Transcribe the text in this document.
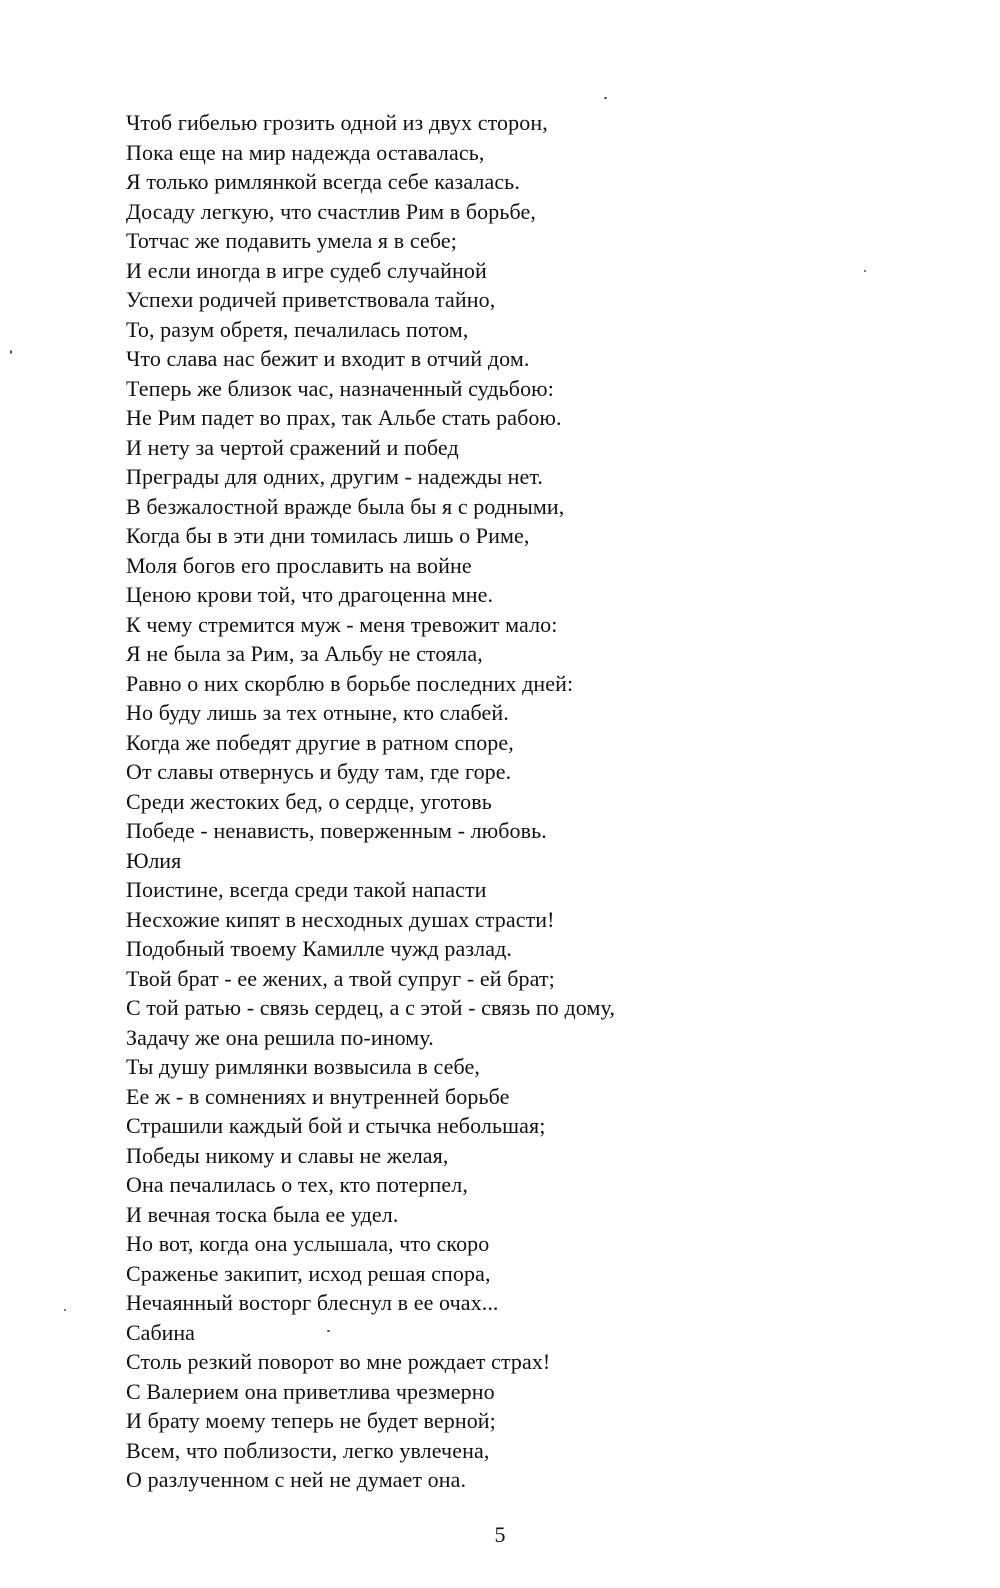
Чтоб гибелью грозить одной из двух сторон,
Пока еще на мир надежда оставалась,
Я только римлянкой всегда себе казалась.
Досаду легкую, что счастлив Рим в борьбе,
Тотчас же подавить умела я в себе;
И если иногда в игре судеб случайной
Успехи родичей приветствовала тайно,
То, разум обретя, печалилась потом,
Что слава нас бежит и входит в отчий дом.
Теперь же близок час, назначенный судьбою:
Не Рим падет во прах, так Альбе стать рабою.
И нету за чертой сражений и побед
Преграды для одних, другим - надежды нет.
В безжалостной вражде была бы я с родными,
Когда бы в эти дни томилась лишь о Риме,
Моля богов его прославить на войне
Ценою крови той, что драгоценна мне.
К чему стремится муж - меня тревожит мало:
Я не была за Рим, за Альбу не стояла,
Равно о них скорблю в борьбе последних дней:
Но буду лишь за тех отныне, кто слабей.
Когда же победят другие в ратном споре,
От славы отвернусь и буду там, где горе.
Среди жестоких бед, о сердце, уготовь
Победе - ненависть, поверженным - любовь.
Юлия
Поистине, всегда среди такой напасти
Несхожие кипят в несходных душах страсти!
Подобный твоему Камилле чужд разлад.
Твой брат - ее жених, а твой супруг - ей брат;
С той ратью - связь сердец, а с этой - связь по дому,
Задачу же она решила по-иному.
Ты душу римлянки возвысила в себе,
Ее ж - в сомнениях и внутренней борьбе
Страшили каждый бой и стычка небольшая;
Победы никому и славы не желая,
Она печалилась о тех, кто потерпел,
И вечная тоска была ее удел.
Но вот, когда она услышала, что скоро
Сраженье закипит, исход решая спора,
Нечаянный восторг блеснул в ее очах...
Сабина
Столь резкий поворот во мне рождает страх!
С Валерием она приветлива чрезмерно
И брату моему теперь не будет верной;
Всем, что поблизости, легко увлечена,
О разлученном с ней не думает она.
5
